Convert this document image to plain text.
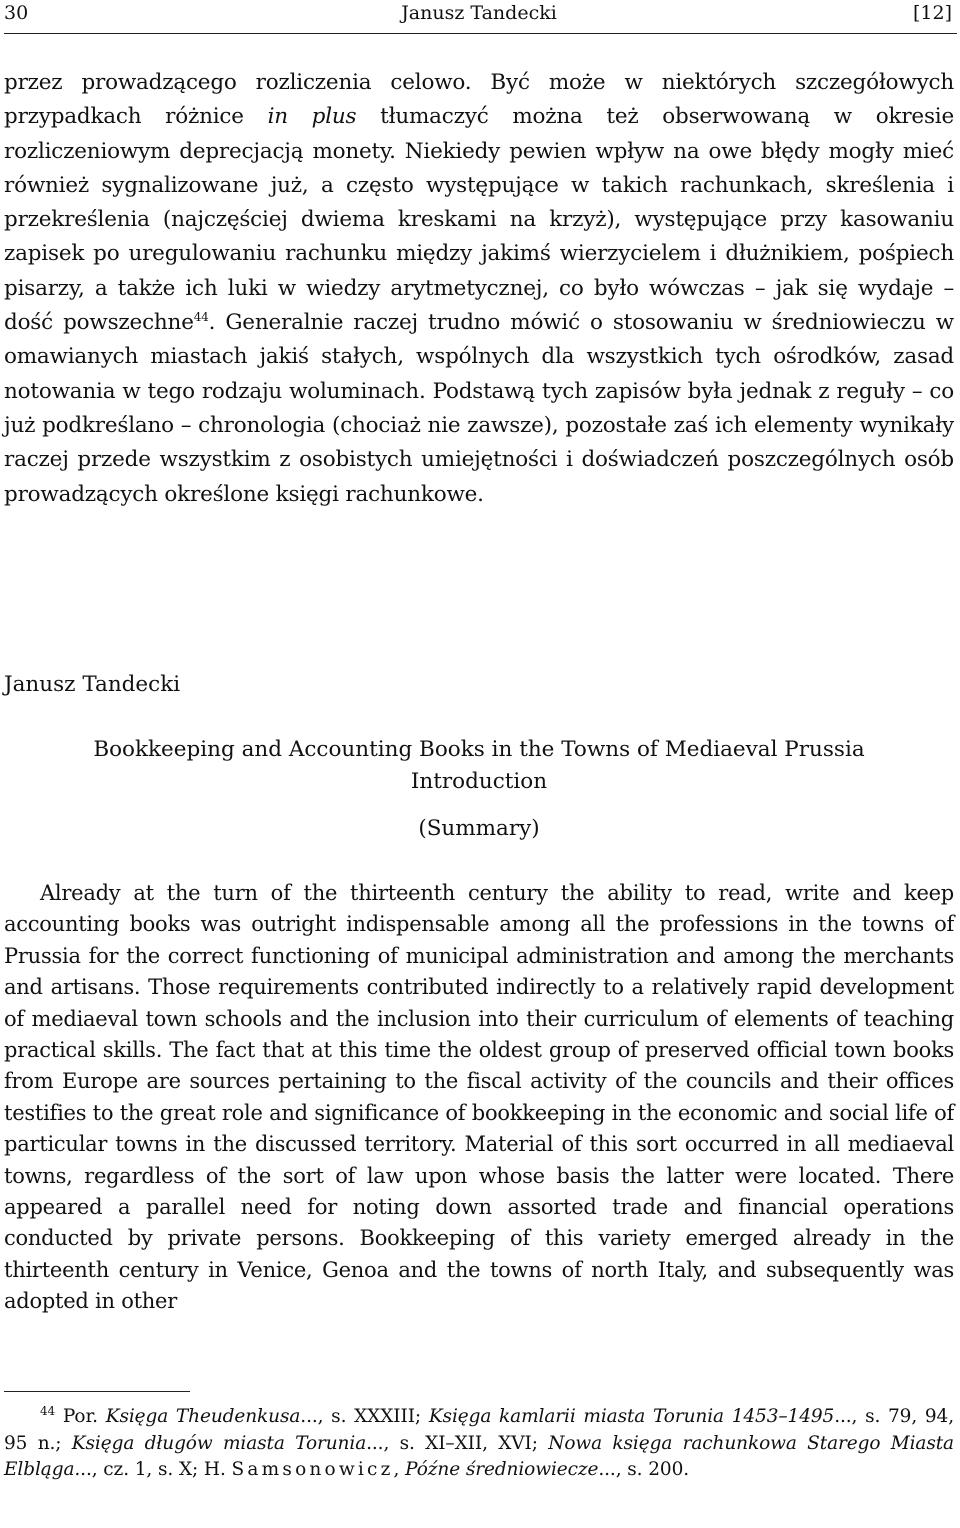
30	Janusz Tandecki	[12]
przez prowadzącego rozliczenia celowo. Być może w niektórych szczegółowych przypadkach różnice in plus tłumaczyć można też obserwowaną w okresie rozliczeniowym deprecjacją monety. Niekiedy pewien wpływ na owe błędy mogły mieć również sygnalizowane już, a często występujące w takich rachunkach, skreślenia i przekreślenia (najczęściej dwiema kreskami na krzyż), występujące przy kasowaniu zapisek po uregulowaniu rachunku między jakimś wierzycielem i dłużnikiem, pośpiech pisarzy, a także ich luki w wiedzy arytmetycznej, co było wówczas – jak się wydaje – dość powszechne$^{44}$. Generalnie raczej trudno mówić o stosowaniu w średniowieczu w omawianych miastach jakiś stałych, wspólnych dla wszystkich tych ośrodków, zasad notowania w tego rodzaju woluminach. Podstawą tych zapisów była jednak z reguły – co już podkreślano – chronologia (chociaż nie zawsze), pozostałe zaś ich elementy wynikały raczej przede wszystkim z osobistych umiejętności i doświadczeń poszczególnych osób prowadzących określone księgi rachunkowe.
Janusz Tandecki
Bookkeeping and Accounting Books in the Towns of Mediaeval Prussia
Introduction
(Summary)
Already at the turn of the thirteenth century the ability to read, write and keep accounting books was outright indispensable among all the professions in the towns of Prussia for the correct functioning of municipal administration and among the merchants and artisans. Those requirements contributed indirectly to a relatively rapid development of mediaeval town schools and the inclusion into their curriculum of elements of teaching practical skills. The fact that at this time the oldest group of preserved official town books from Europe are sources pertaining to the fiscal activity of the councils and their offices testifies to the great role and significance of bookkeeping in the economic and social life of particular towns in the discussed territory. Material of this sort occurred in all mediaeval towns, regardless of the sort of law upon whose basis the latter were located. There appeared a parallel need for noting down assorted trade and financial operations conducted by private persons. Bookkeeping of this variety emerged already in the thirteenth century in Venice, Genoa and the towns of north Italy, and subsequently was adopted in other
$^{44}$ Por. Księga Theudenkusa..., s. XXXIII; Księga kamlarii miasta Torunia 1453–1495..., s. 79, 94, 95 n.; Księga długów miasta Torunia..., s. XI–XII, XVI; Nowa księga rachunkowa Starego Miasta Elbląga..., cz. 1, s. X; H. Samsonowicz, Późne średniowiecze..., s. 200.
